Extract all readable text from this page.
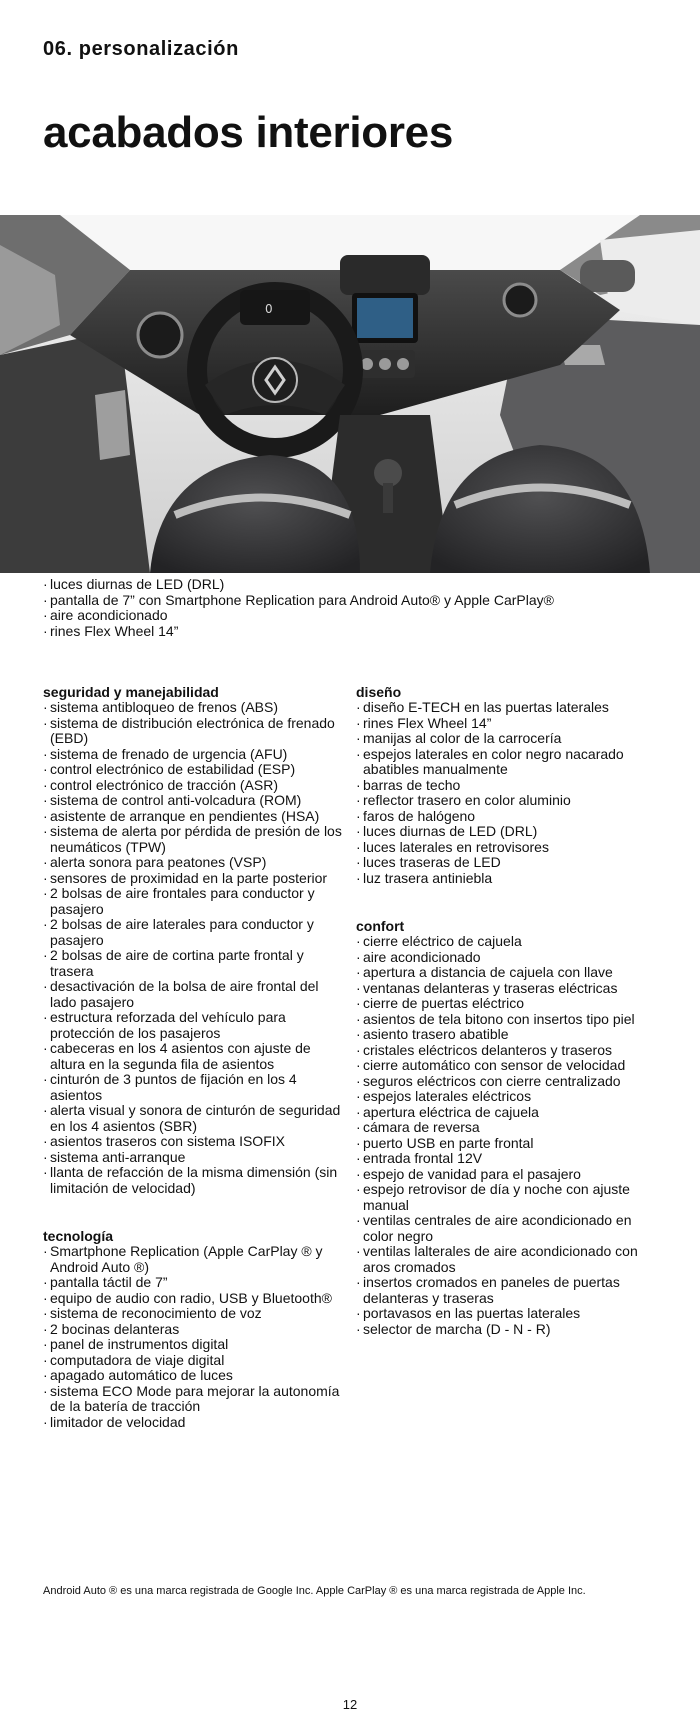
06. personalización
acabados interiores
0
· luces diurnas de LED (DRL)
· pantalla de 7” con Smartphone Replication para Android Auto® y Apple CarPlay®
· aire acondicionado
· rines Flex Wheel 14”
seguridad y manejabilidad
· sistema antibloqueo de frenos (ABS)
· sistema de distribución electrónica de frenado (EBD)
· sistema de frenado de urgencia (AFU)
· control electrónico de estabilidad (ESP)
· control electrónico de tracción (ASR)
· sistema de control anti-volcadura (ROM)
· asistente de arranque en pendientes (HSA)
· sistema de alerta por pérdida de presión de los neumáticos (TPW)
· alerta sonora para peatones (VSP)
· sensores de proximidad en la parte posterior
· 2 bolsas de aire frontales para conductor y pasajero
· 2 bolsas de aire laterales para conductor y pasajero
· 2 bolsas de aire de cortina parte frontal y trasera
· desactivación de la bolsa de aire frontal del lado pasajero
· estructura reforzada del vehículo para protección de los pasajeros
· cabeceras en los 4 asientos con ajuste de altura en la segunda fila de asientos
· cinturón de 3 puntos de fijación en los 4 asientos
· alerta visual y sonora de cinturón de seguridad en los 4 asientos (SBR)
· asientos traseros con sistema ISOFIX
· sistema anti-arranque
· llanta de refacción de la misma dimensión (sin limitación de velocidad)
tecnología
· Smartphone Replication (Apple CarPlay ® y Android Auto ®)
· pantalla táctil de 7”
· equipo de audio con radio, USB y Bluetooth®
· sistema de reconocimiento de voz
· 2 bocinas delanteras
· panel de instrumentos digital
· computadora de viaje digital
· apagado automático de luces
· sistema ECO Mode para mejorar la autonomía de la batería de tracción
· limitador de velocidad
diseño
· diseño E-TECH en las puertas laterales
· rines Flex Wheel 14”
· manijas al color de la carrocería
· espejos laterales en color negro nacarado abatibles manualmente
· barras de techo
· reflector trasero en color aluminio
· faros de halógeno
· luces diurnas de LED (DRL)
· luces laterales en retrovisores
· luces traseras de LED
· luz trasera antiniebla
confort
· cierre eléctrico de cajuela
· aire acondicionado
· apertura a distancia de cajuela con llave
· ventanas delanteras y traseras eléctricas
· cierre de puertas eléctrico
· asientos de tela bitono con insertos tipo piel
· asiento trasero abatible
· cristales eléctricos delanteros y traseros
· cierre automático con sensor de velocidad
· seguros eléctricos con cierre centralizado
· espejos laterales eléctricos
· apertura eléctrica de cajuela
· cámara de reversa
· puerto USB en parte frontal
· entrada frontal 12V
· espejo de vanidad para el pasajero
· espejo retrovisor de día y noche con ajuste manual
· ventilas centrales de aire acondicionado en color negro
· ventilas lalterales de aire acondicionado con aros cromados
· insertos cromados en paneles de puertas delanteras y traseras
· portavasos en las puertas laterales
· selector de marcha (D - N - R)
Android Auto ® es una marca registrada de Google Inc. Apple CarPlay ® es una marca registrada de Apple Inc.
12
